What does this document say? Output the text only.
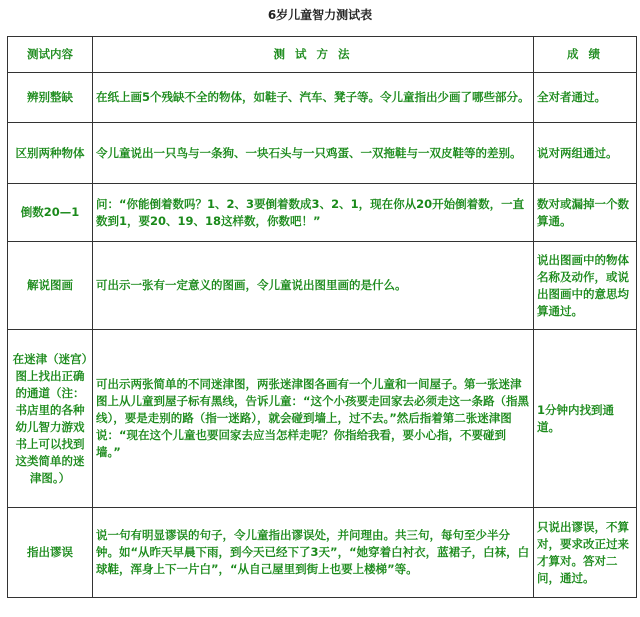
6岁儿童智力测试表
测试内容	测 试 方 法	成 绩
辨别整缺	在纸上画5个残缺不全的物体，如鞋子、汽车、凳子等。令儿童指出少画了哪些部分。	全对者通过。
区别两种物体	令儿童说出一只鸟与一条狗、一块石头与一只鸡蛋、一双拖鞋与一双皮鞋等的差别。	说对两组通过。
倒数20—1	问：“你能倒着数吗？1、2、3要倒着数成3、2、1，现在你从20开始倒着数，一直数到1，要20、19、18这样数，你数吧！”	数对或漏掉一个数算通。
解说图画	可出示一张有一定意义的图画，令儿童说出图里画的是什么。	说出图画中的物体名称及动作，或说出图画中的意思均算通过。
在迷津（迷宫）图上找出正确的通道（注：书店里的各种幼儿智力游戏书上可以找到这类简单的迷津图。）	可出示两张简单的不同迷津图，两张迷津图各画有一个儿童和一间屋子。第一张迷津图上从儿童到屋子标有黑线，告诉儿童：“这个小孩要走回家去必须走这一条路（指黑线），要是走别的路（指一迷路），就会碰到墙上，过不去。”然后指着第二张迷津图说：“现在这个儿童也要回家去应当怎样走呢？你指给我看，要小心指，不要碰到墙。”	1分钟内找到通道。
指出谬误	说一句有明显谬误的句子，令儿童指出谬误处，并问理由。共三句，每句至少半分钟。如“从昨天早晨下雨，到今天已经下了3天”，“她穿着白衬衣，蓝裙子，白袜，白球鞋，浑身上下一片白”，“从自己屋里到街上也要上楼梯”等。	只说出谬误，不算对，要求改正过来才算对。答对二问，通过。
